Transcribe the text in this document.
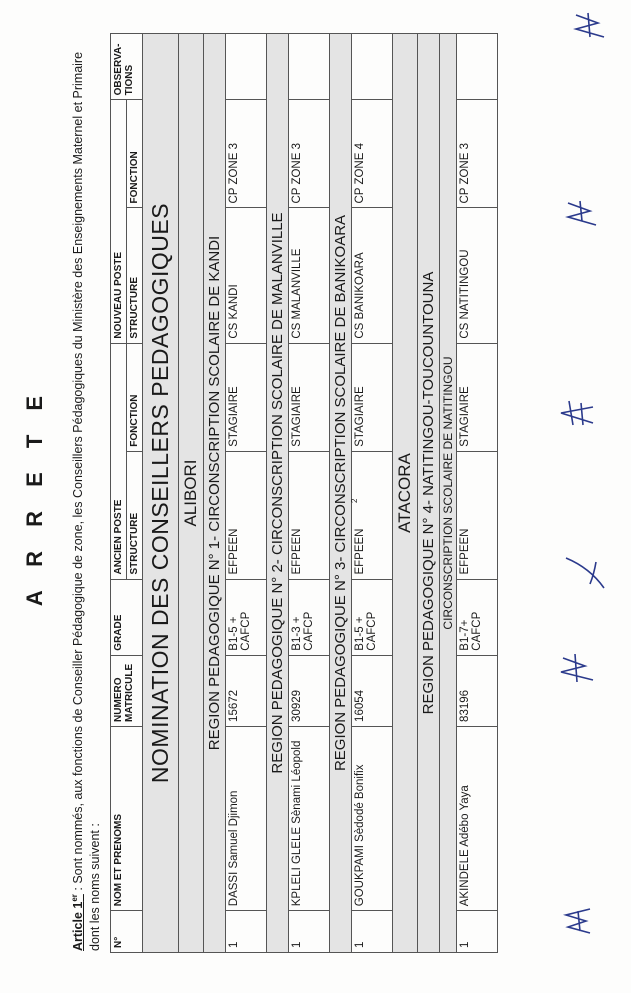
A R R E T E
Article 1er : Sont nommés, aux fonctions de Conseiller Pédagogique de zone, les Conseillers Pédagogiques du Ministère des Enseignements Maternel et Primaire dont les noms suivent : N°	NOM ET PRENOMS	NUMERO MATRICULE	GRADE	ANCIEN POSTE		NOUVEAU POSTE		OBSERVA-TIONS
				STRUCTURE	FONCTION	STRUCTURE	FONCTION	
NOMINATION DES CONSEILLERS PEDAGOGIQUES								
ALIBORI								
REGION PEDAGOGIQUE N° 1- CIRCONSCRIPTION SCOLAIRE DE KANDI								
1	DASSI Samuel Djimon	15672	B1-5 + CAFCP	EFPEEN	STAGIAIRE	CS KANDI	CP ZONE 3	
REGION PEDAGOGIQUE N° 2- CIRCONSCRIPTION SCOLAIRE DE MALANVILLE								
1	KPLELI GLELE Sènami Léopold	30929	B1-3 + CAFCP	EFPEEN	STAGIAIRE	CS MALANVILLE	CP ZONE 3	
REGION PEDAGOGIQUE N° 3- CIRCONSCRIPTION SCOLAIRE DE BANIKOARA								
1	GOUKPAMI Sèdodé Bonifix	16054	B1-5 + CAFCP	EFPEEN	STAGIAIRE	CS BANIKOARA	CP ZONE 4	
ATACORA								
REGION PEDAGOGIQUE N° 4- NATITINGOU-TOUCOUNTOUNA								
CIRCONSCRIPTION SCOLAIRE DE NATITINGOU								
1	AKINDELE Adébo Yaya	83196	B1-7+ CAFCP	EFPEEN	STAGIAIRE	CS NATITINGOU	CP ZONE 3	
2
